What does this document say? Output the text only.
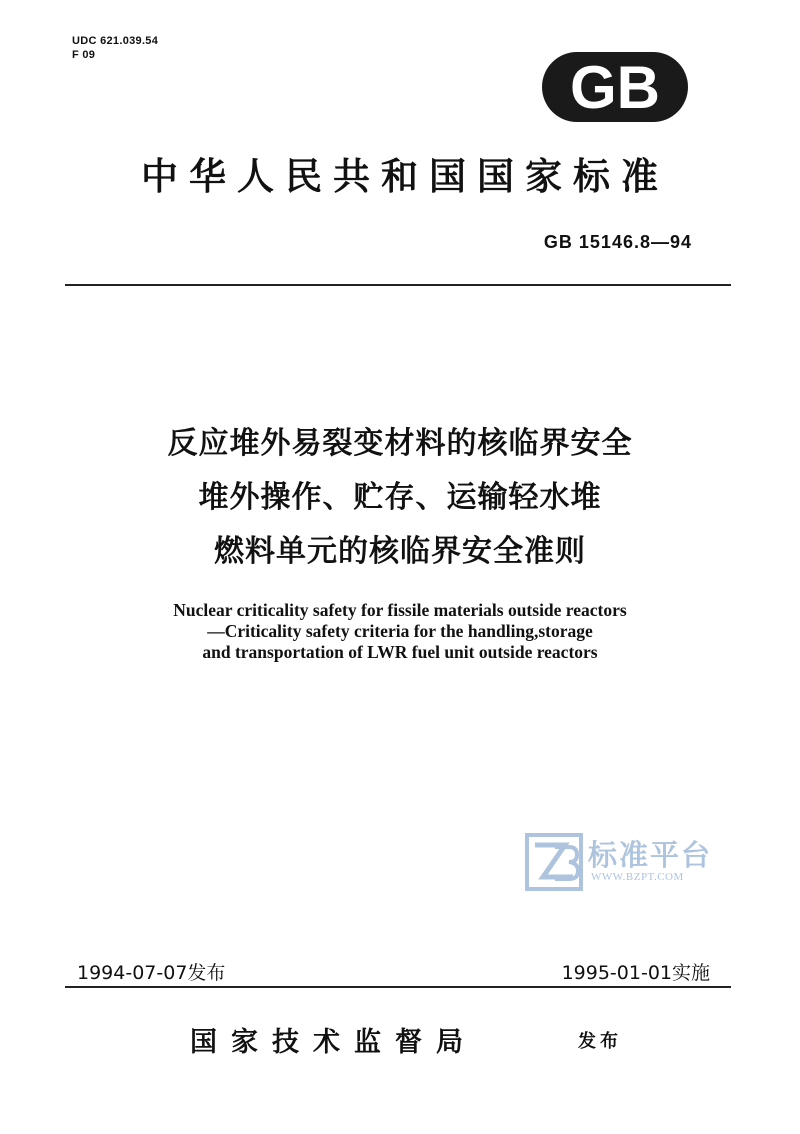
UDC 621.039.54
F 09	GB
中华人民共和国国家标准
GB 15146.8—94
反应堆外易裂变材料的核临界安全
堆外操作、贮存、运输轻水堆
燃料单元的核临界安全准则
Nuclear criticality safety for fissile materials outside reactors
—Criticality safety criteria for the handling,storage
and transportation of LWR fuel unit outside reactors
标准平台
WWW.BZPT.COM
1994-07-07发布	1995-01-01实施
国家技术监督局	发布
